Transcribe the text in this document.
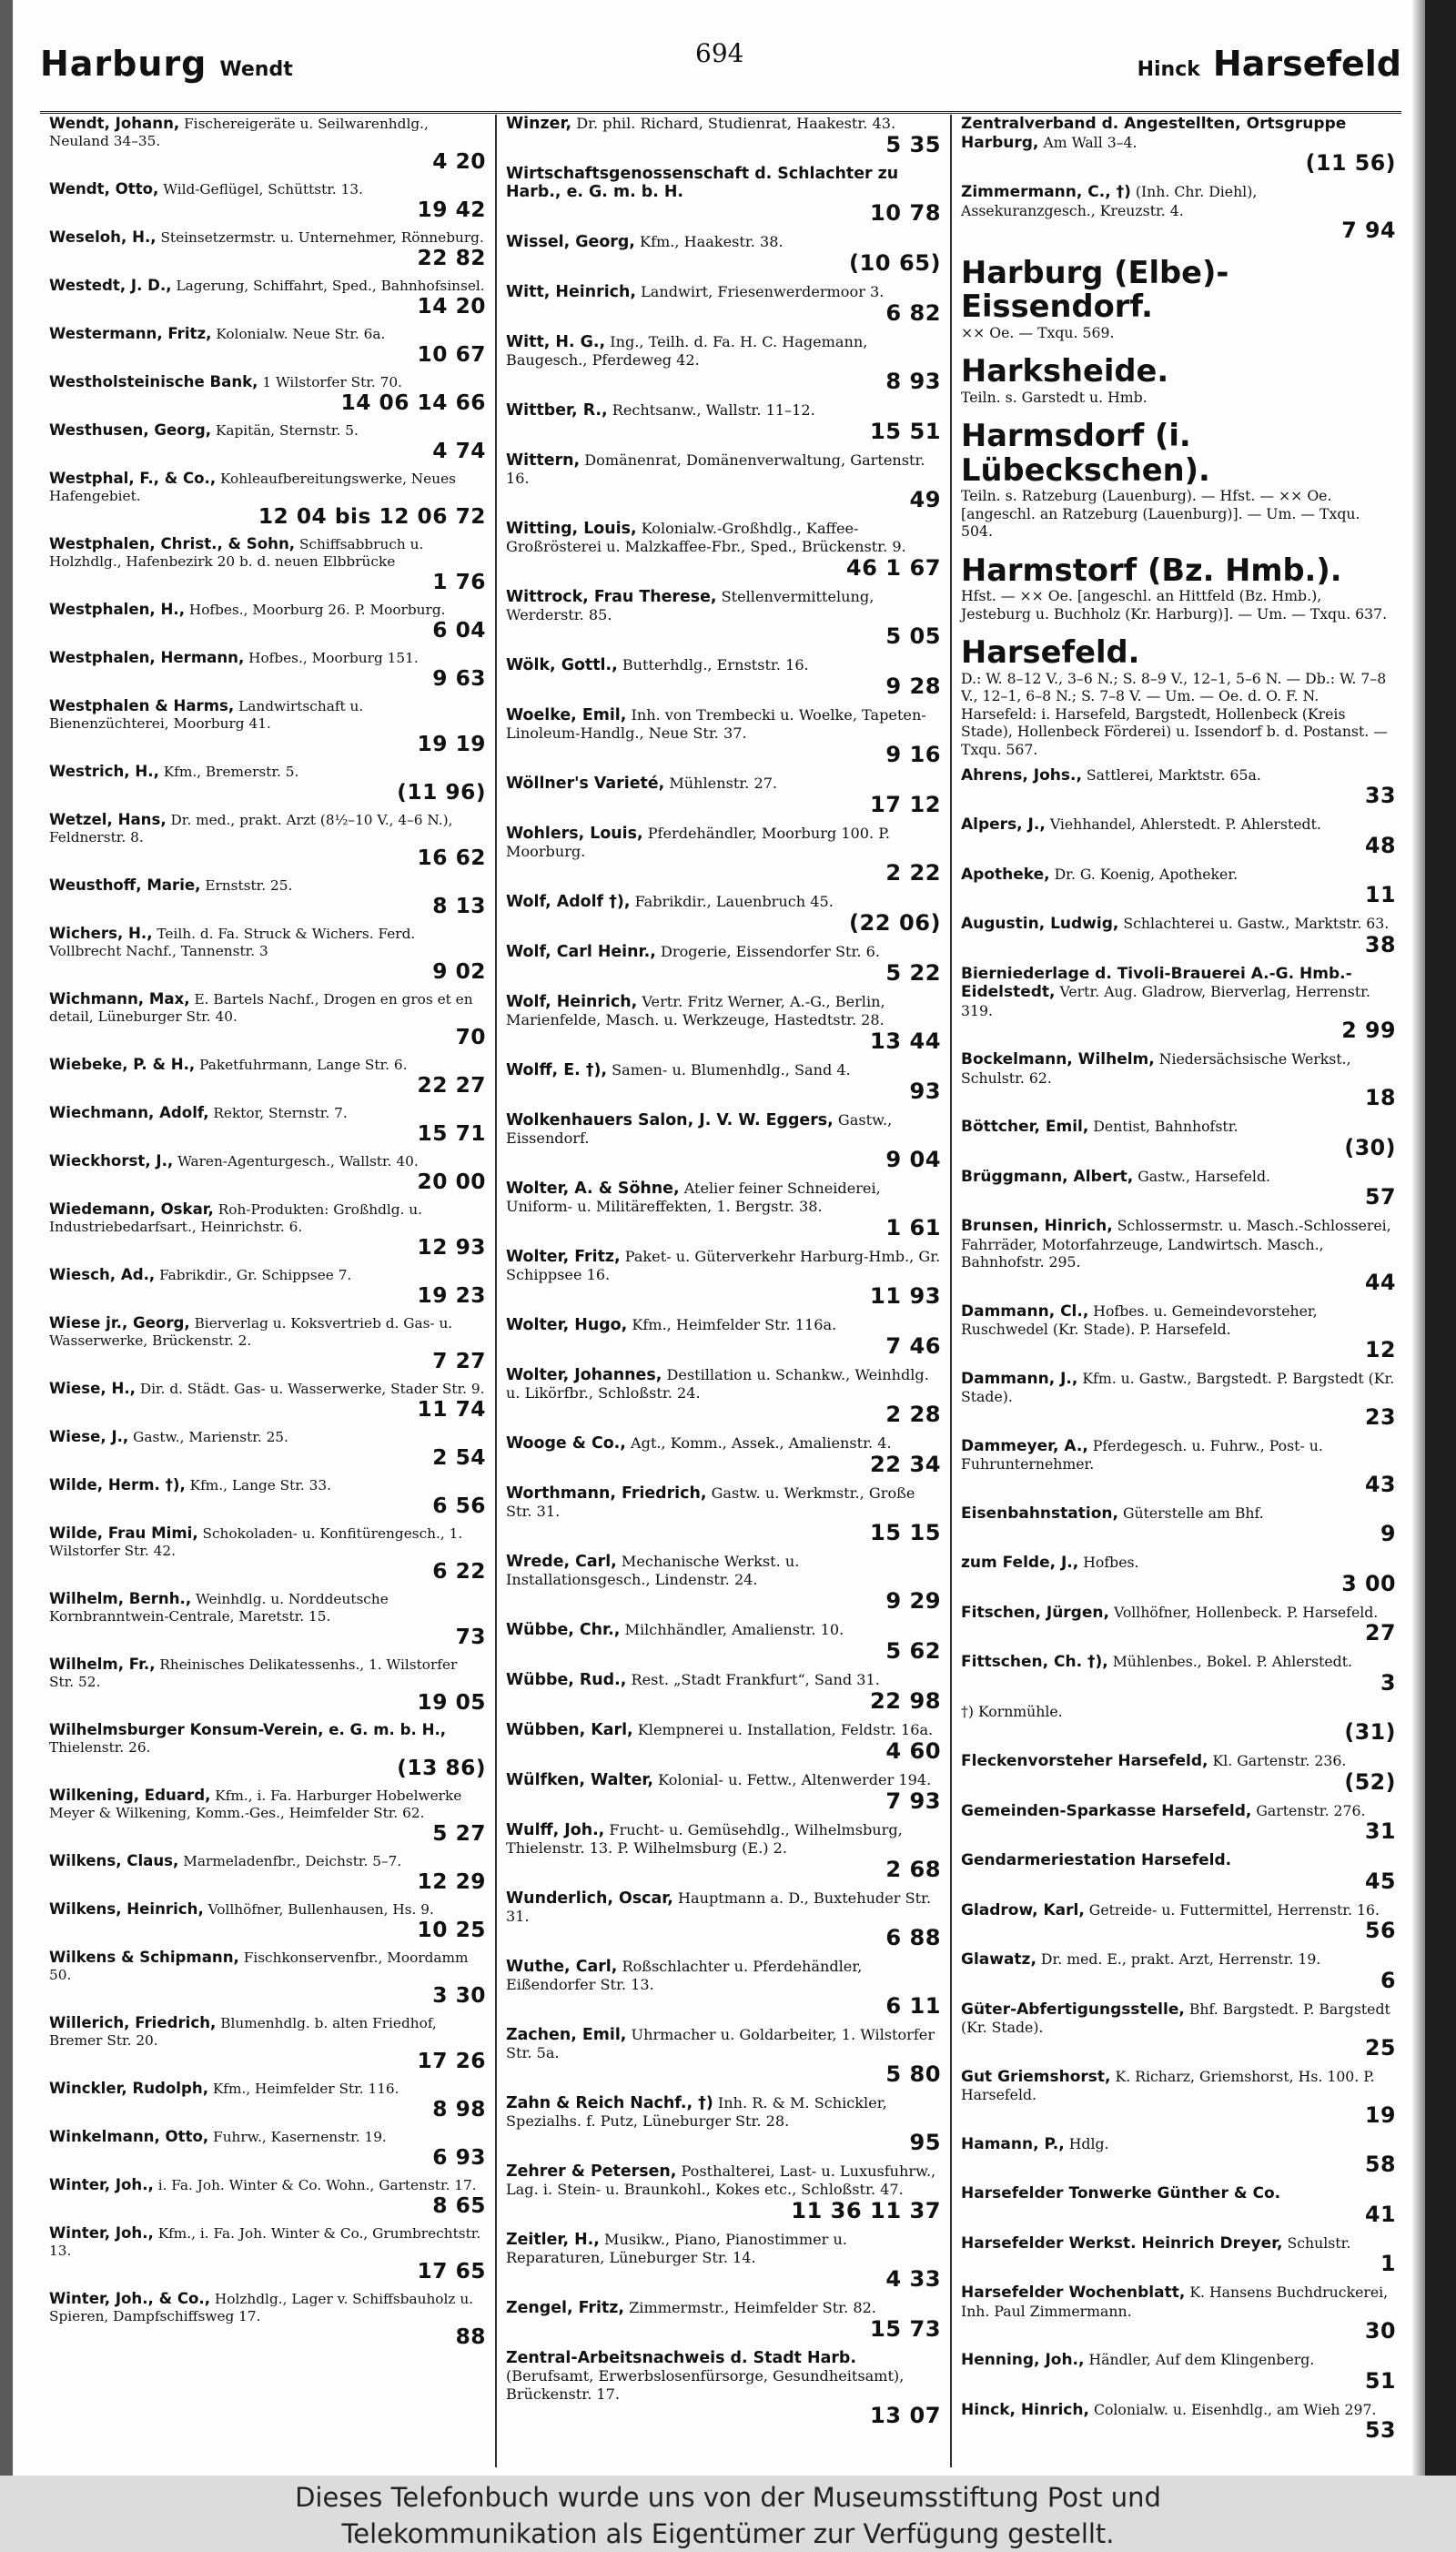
Harburg Wendt
694
Hinck Harsefeld
Wendt, Johann, Fischereigeräte u. Seilwarenhdlg., Neuland 34–35.
4 20
Wendt, Otto, Wild-Geflügel, Schüttstr. 13.
19 42
Weseloh, H., Steinsetzermstr. u. Unternehmer, Rönneburg.
22 82
Westedt, J. D., Lagerung, Schiffahrt, Sped., Bahnhofsinsel.
14 20
Westermann, Fritz, Kolonialw. Neue Str. 6a.
10 67
Westholsteinische Bank, 1 Wilstorfer Str. 70.
14 06 14 66
Westhusen, Georg, Kapitän, Sternstr. 5.
4 74
Westphal, F., & Co., Kohleaufbereitungswerke, Neues Hafengebiet.
12 04 bis 12 06 72
Westphalen, Christ., & Sohn, Schiffsabbruch u. Holzhdlg., Hafenbezirk 20 b. d. neuen Elbbrücke
1 76
Westphalen, H., Hofbes., Moorburg 26. P. Moorburg.
6 04
Westphalen, Hermann, Hofbes., Moorburg 151.
9 63
Westphalen & Harms, Landwirtschaft u. Bienenzüchterei, Moorburg 41.
19 19
Westrich, H., Kfm., Bremerstr. 5.
(11 96)
Wetzel, Hans, Dr. med., prakt. Arzt (8½–10 V., 4–6 N.), Feldnerstr. 8.
16 62
Weusthoff, Marie, Ernststr. 25.
8 13
Wichers, H., Teilh. d. Fa. Struck & Wichers. Ferd. Vollbrecht Nachf., Tannenstr. 3
9 02
Wichmann, Max, E. Bartels Nachf., Drogen en gros et en detail, Lüneburger Str. 40.
70
Wiebeke, P. & H., Paketfuhrmann, Lange Str. 6.
22 27
Wiechmann, Adolf, Rektor, Sternstr. 7.
15 71
Wieckhorst, J., Waren-Agenturgesch., Wallstr. 40.
20 00
Wiedemann, Oskar, Roh-Produkten: Großhdlg. u. Industriebedarfsart., Heinrichstr. 6.
12 93
Wiesch, Ad., Fabrikdir., Gr. Schippsee 7.
19 23
Wiese jr., Georg, Bierverlag u. Koksvertrieb d. Gas- u. Wasserwerke, Brückenstr. 2.
7 27
Wiese, H., Dir. d. Städt. Gas- u. Wasserwerke, Stader Str. 9.
11 74
Wiese, J., Gastw., Marienstr. 25.
2 54
Wilde, Herm. †), Kfm., Lange Str. 33.
6 56
Wilde, Frau Mimi, Schokoladen- u. Konfitürengesch., 1. Wilstorfer Str. 42.
6 22
Wilhelm, Bernh., Weinhdlg. u. Norddeutsche Kornbranntwein-Centrale, Maretstr. 15.
73
Wilhelm, Fr., Rheinisches Delikatessenhs., 1. Wilstorfer Str. 52.
19 05
Wilhelmsburger Konsum-Verein, e. G. m. b. H., Thielenstr. 26.
(13 86)
Wilkening, Eduard, Kfm., i. Fa. Harburger Hobelwerke Meyer & Wilkening, Komm.-Ges., Heimfelder Str. 62.
5 27
Wilkens, Claus, Marmeladenfbr., Deichstr. 5–7.
12 29
Wilkens, Heinrich, Vollhöfner, Bullenhausen, Hs. 9.
10 25
Wilkens & Schipmann, Fischkonservenfbr., Moordamm 50.
3 30
Willerich, Friedrich, Blumenhdlg. b. alten Friedhof, Bremer Str. 20.
17 26
Winckler, Rudolph, Kfm., Heimfelder Str. 116.
8 98
Winkelmann, Otto, Fuhrw., Kasernenstr. 19.
6 93
Winter, Joh., i. Fa. Joh. Winter & Co. Wohn., Gartenstr. 17.
8 65
Winter, Joh., Kfm., i. Fa. Joh. Winter & Co., Grumbrechtstr. 13.
17 65
Winter, Joh., & Co., Holzhdlg., Lager v. Schiffsbauholz u. Spieren, Dampfschiffsweg 17.
88
Winzer, Dr. phil. Richard, Studienrat, Haakestr. 43.
5 35
Wirtschaftsgenossenschaft d. Schlachter zu Harb., e. G. m. b. H.
10 78
Wissel, Georg, Kfm., Haakestr. 38.
(10 65)
Witt, Heinrich, Landwirt, Friesenwerdermoor 3.
6 82
Witt, H. G., Ing., Teilh. d. Fa. H. C. Hagemann, Baugesch., Pferdeweg 42.
8 93
Wittber, R., Rechtsanw., Wallstr. 11–12.
15 51
Wittern, Domänenrat, Domänenverwaltung, Gartenstr. 16.
49
Witting, Louis, Kolonialw.-Großhdlg., Kaffee-Großrösterei u. Malzkaffee-Fbr., Sped., Brückenstr. 9.
46 1 67
Wittrock, Frau Therese, Stellenvermittelung, Werderstr. 85.
5 05
Wölk, Gottl., Butterhdlg., Ernststr. 16.
9 28
Woelke, Emil, Inh. von Trembecki u. Woelke, Tapeten-Linoleum-Handlg., Neue Str. 37.
9 16
Wöllner's Varieté, Mühlenstr. 27.
17 12
Wohlers, Louis, Pferdehändler, Moorburg 100. P. Moorburg.
2 22
Wolf, Adolf †), Fabrikdir., Lauenbruch 45.
(22 06)
Wolf, Carl Heinr., Drogerie, Eissendorfer Str. 6.
5 22
Wolf, Heinrich, Vertr. Fritz Werner, A.-G., Berlin, Marienfelde, Masch. u. Werkzeuge, Hastedtstr. 28.
13 44
Wolff, E. †), Samen- u. Blumenhdlg., Sand 4.
93
Wolkenhauers Salon, J. V. W. Eggers, Gastw., Eissendorf.
9 04
Wolter, A. & Söhne, Atelier feiner Schneiderei, Uniform- u. Militäreffekten, 1. Bergstr. 38.
1 61
Wolter, Fritz, Paket- u. Güterverkehr Harburg-Hmb., Gr. Schippsee 16.
11 93
Wolter, Hugo, Kfm., Heimfelder Str. 116a.
7 46
Wolter, Johannes, Destillation u. Schankw., Weinhdlg. u. Likörfbr., Schloßstr. 24.
2 28
Wooge & Co., Agt., Komm., Assek., Amalienstr. 4.
22 34
Worthmann, Friedrich, Gastw. u. Werkmstr., Große Str. 31.
15 15
Wrede, Carl, Mechanische Werkst. u. Installationsgesch., Lindenstr. 24.
9 29
Wübbe, Chr., Milchhändler, Amalienstr. 10.
5 62
Wübbe, Rud., Rest. „Stadt Frankfurt“, Sand 31.
22 98
Wübben, Karl, Klempnerei u. Installation, Feldstr. 16a.
4 60
Wülfken, Walter, Kolonial- u. Fettw., Altenwerder 194.
7 93
Wulff, Joh., Frucht- u. Gemüsehdlg., Wilhelmsburg, Thielenstr. 13. P. Wilhelmsburg (E.) 2.
2 68
Wunderlich, Oscar, Hauptmann a. D., Buxtehuder Str. 31.
6 88
Wuthe, Carl, Roßschlachter u. Pferdehändler, Eißendorfer Str. 13.
6 11
Zachen, Emil, Uhrmacher u. Goldarbeiter, 1. Wilstorfer Str. 5a.
5 80
Zahn & Reich Nachf., †) Inh. R. & M. Schickler, Spezialhs. f. Putz, Lüneburger Str. 28.
95
Zehrer & Petersen, Posthalterei, Last- u. Luxusfuhrw., Lag. i. Stein- u. Braunkohl., Kokes etc., Schloßstr. 47.
11 36 11 37
Zeitler, H., Musikw., Piano, Pianostimmer u. Reparaturen, Lüneburger Str. 14.
4 33
Zengel, Fritz, Zimmermstr., Heimfelder Str. 82.
15 73
Zentral-Arbeitsnachweis d. Stadt Harb. (Berufsamt, Erwerbslosenfürsorge, Gesundheitsamt), Brückenstr. 17.
13 07
Zentralverband d. Angestellten, Ortsgruppe Harburg, Am Wall 3–4.
(11 56)
Zimmermann, C., †) (Inh. Chr. Diehl), Assekuranzgesch., Kreuzstr. 4.
7 94
Harburg (Elbe)-Eissendorf.
×× Oe. — Txqu. 569.
Harksheide.
Teiln. s. Garstedt u. Hmb.
Harmsdorf (i. Lübeckschen).
Teiln. s. Ratzeburg (Lauenburg). — Hfst. — ×× Oe. [angeschl. an Ratzeburg (Lauenburg)]. — Um. — Txqu. 504.
Harmstorf (Bz. Hmb.).
Hfst. — ×× Oe. [angeschl. an Hittfeld (Bz. Hmb.), Jesteburg u. Buchholz (Kr. Harburg)]. — Um. — Txqu. 637.
Harsefeld.
D.: W. 8–12 V., 3–6 N.; S. 8–9 V., 12–1, 5–6 N. — Db.: W. 7–8 V., 12–1, 6–8 N.; S. 7–8 V. — Um. — Oe. d. O. F. N. Harsefeld: i. Harsefeld, Bargstedt, Hollenbeck (Kreis Stade), Hollenbeck Förderei) u. Issendorf b. d. Postanst. — Txqu. 567.
Ahrens, Johs., Sattlerei, Marktstr. 65a.
33
Alpers, J., Viehhandel, Ahlerstedt. P. Ahlerstedt.
48
Apotheke, Dr. G. Koenig, Apotheker.
11
Augustin, Ludwig, Schlachterei u. Gastw., Marktstr. 63.
38
Bierniederlage d. Tivoli-Brauerei A.-G. Hmb.-Eidelstedt, Vertr. Aug. Gladrow, Bierverlag, Herrenstr. 319.
2 99
Bockelmann, Wilhelm, Niedersächsische Werkst., Schulstr. 62.
18
Böttcher, Emil, Dentist, Bahnhofstr.
(30)
Brüggmann, Albert, Gastw., Harsefeld.
57
Brunsen, Hinrich, Schlossermstr. u. Masch.-Schlosserei, Fahrräder, Motorfahrzeuge, Landwirtsch. Masch., Bahnhofstr. 295.
44
Dammann, Cl., Hofbes. u. Gemeindevorsteher, Ruschwedel (Kr. Stade). P. Harsefeld.
12
Dammann, J., Kfm. u. Gastw., Bargstedt. P. Bargstedt (Kr. Stade).
23
Dammeyer, A., Pferdegesch. u. Fuhrw., Post- u. Fuhrunternehmer.
43
Eisenbahnstation, Güterstelle am Bhf.
9
zum Felde, J., Hofbes.
3 00
Fitschen, Jürgen, Vollhöfner, Hollenbeck. P. Harsefeld.
27
Fittschen, Ch. †), Mühlenbes., Bokel. P. Ahlerstedt.
3
†) Kornmühle.
(31)
Fleckenvorsteher Harsefeld, Kl. Gartenstr. 236.
(52)
Gemeinden-Sparkasse Harsefeld, Gartenstr. 276.
31
Gendarmeriestation Harsefeld.
45
Gladrow, Karl, Getreide- u. Futtermittel, Herrenstr. 16.
56
Glawatz, Dr. med. E., prakt. Arzt, Herrenstr. 19.
6
Güter-Abfertigungsstelle, Bhf. Bargstedt. P. Bargstedt (Kr. Stade).
25
Gut Griemshorst, K. Richarz, Griemshorst, Hs. 100. P. Harsefeld.
19
Hamann, P., Hdlg.
58
Harsefelder Tonwerke Günther & Co.
41
Harsefelder Werkst. Heinrich Dreyer, Schulstr.
1
Harsefelder Wochenblatt, K. Hansens Buchdruckerei, Inh. Paul Zimmermann.
30
Henning, Joh., Händler, Auf dem Klingenberg.
51
Hinck, Hinrich, Colonialw. u. Eisenhdlg., am Wieh 297.
53
Dieses Telefonbuch wurde uns von der Museumsstiftung Post und
Telekommunikation als Eigentümer zur Verfügung gestellt.
